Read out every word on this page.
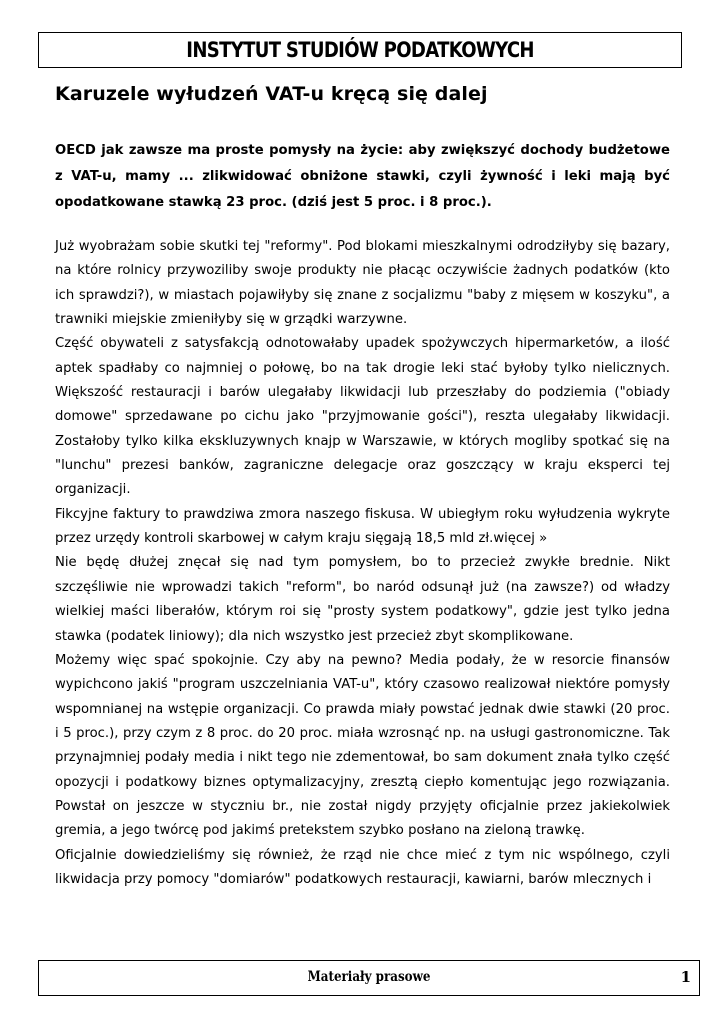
INSTYTUT STUDIÓW PODATKOWYCH
Karuzele wyłudzeń VAT-u kręcą się dalej

OECD jak zawsze ma proste pomysły na życie: aby zwiększyć dochody budżetowe z VAT-u, mamy ... zlikwidować obniżone stawki, czyli żywność i leki mają być opodatkowane stawką 23 proc. (dziś jest 5 proc. i 8 proc.).

Już wyobrażam sobie skutki tej "reformy". Pod blokami mieszkalnymi odrodziłyby się bazary, na które rolnicy przywoziliby swoje produkty nie płacąc oczywiście żadnych podatków (kto ich sprawdzi?), w miastach pojawiłyby się znane z socjalizmu "baby z mięsem w koszyku", a trawniki miejskie zmieniłyby się w grządki warzywne.

Część obywateli z satysfakcją odnotowałaby upadek spożywczych hipermarketów, a ilość aptek spadłaby co najmniej o połowę, bo na tak drogie leki stać byłoby tylko nielicznych. Większość restauracji i barów ulegałaby likwidacji lub przeszłaby do podziemia ("obiady domowe" sprzedawane po cichu jako "przyjmowanie gości"), reszta ulegałaby likwidacji. Zostałoby tylko kilka ekskluzywnych knajp w Warszawie, w których mogliby spotkać się na "lunchu" prezesi banków, zagraniczne delegacje oraz goszczący w kraju eksperci tej organizacji.

Fikcyjne faktury to prawdziwa zmora naszego fiskusa. W ubiegłym roku wyłudzenia wykryte przez urzędy kontroli skarbowej w całym kraju sięgają 18,5 mld zł.więcej »

Nie będę dłużej znęcał się nad tym pomysłem, bo to przecież zwykłe brednie. Nikt szczęśliwie nie wprowadzi takich "reform", bo naród odsunął już (na zawsze?) od władzy wielkiej maści liberałów, którym roi się "prosty system podatkowy", gdzie jest tylko jedna stawka (podatek liniowy); dla nich wszystko jest przecież zbyt skomplikowane.

Możemy więc spać spokojnie. Czy aby na pewno? Media podały, że w resorcie finansów wypichcono jakiś "program uszczelniania VAT-u", który czasowo realizował niektóre pomysły wspomnianej na wstępie organizacji. Co prawda miały powstać jednak dwie stawki (20 proc. i 5 proc.), przy czym z 8 proc. do 20 proc. miała wzrosnąć np. na usługi gastronomiczne. Tak przynajmniej podały media i nikt tego nie zdementował, bo sam dokument znała tylko część opozycji i podatkowy biznes optymalizacyjny, zresztą ciepło komentując jego rozwiązania. Powstał on jeszcze w styczniu br., nie został nigdy przyjęty oficjalnie przez jakiekolwiek gremia, a jego twórcę pod jakimś pretekstem szybko posłano na zieloną trawkę.

Oficjalnie dowiedzieliśmy się również, że rząd nie chce mieć z tym nic wspólnego, czyli likwidacja przy pomocy "domiarów" podatkowych restauracji, kawiarni, barów mlecznych i

Materiały prasowe	1
